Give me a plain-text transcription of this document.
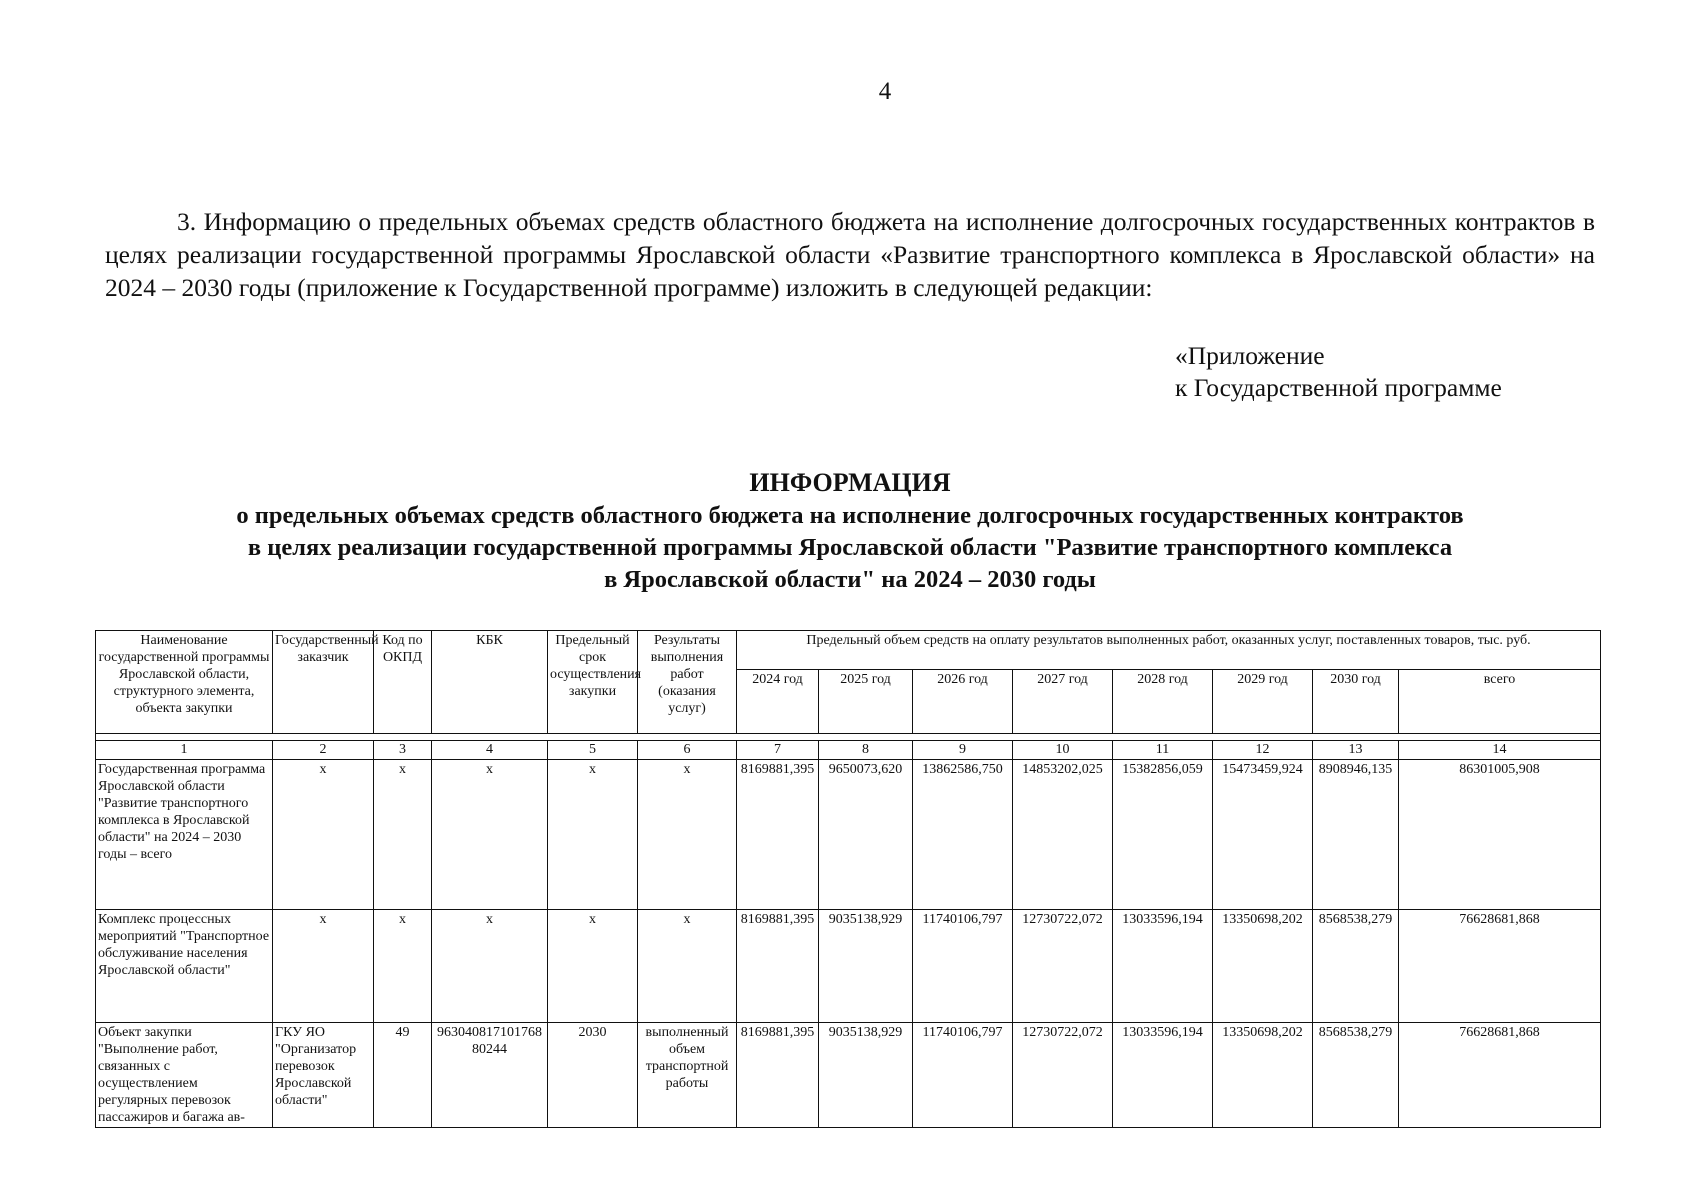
4
3. Информацию о предельных объемах средств областного бюджета на исполнение долгосрочных государственных контрактов в целях реализации государственной программы Ярославской области «Развитие транспортного комплекса в Ярославской области» на 2024 – 2030 годы (приложение к Государственной программе) изложить в следующей редакции:
«Приложение
к Государственной программе
ИНФОРМАЦИЯ
о предельных объемах средств областного бюджета на исполнение долгосрочных государственных контрактов
в целях реализации государственной программы Ярославской области "Развитие транспортного комплекса
в Ярославской области" на 2024 – 2030 годы
Наименование государственной программы Ярославской области, структурного элемента, объекта закупки	Государственный заказчик	Код по ОКПД	КБК	Предельный срок осуществления закупки	Результаты выполнения работ (оказания услуг)	Предельный объем средств на оплату результатов выполненных работ, оказанных услуг, поставленных товаров, тыс. руб.							
						2024 год	2025 год	2026 год	2027 год	2028 год	2029 год	2030 год	всего

1	2	3	4	5	6	7	8	9	10	11	12	13	14
Государственная программа Ярославской области "Развитие транспортного комплекса в Ярославской области" на 2024 – 2030 годы – всего	х	х	х	х	х	8169881,395	9650073,620	13862586,750	14853202,025	15382856,059	15473459,924	8908946,135	86301005,908
Комплекс процессных мероприятий "Транспортное обслуживание населения Ярославской области"	х	х	х	х	х	8169881,395	9035138,929	11740106,797	12730722,072	13033596,194	13350698,202	8568538,279	76628681,868
Объект закупки "Выполнение работ, связанных с осуществлением регулярных перевозок пассажиров и багажа ав-	ГКУ ЯО "Организатор перевозок Ярославской области"	49	96304081710176880244	2030	выполненный объем транспортной работы	8169881,395	9035138,929	11740106,797	12730722,072	13033596,194	13350698,202	8568538,279	76628681,868
